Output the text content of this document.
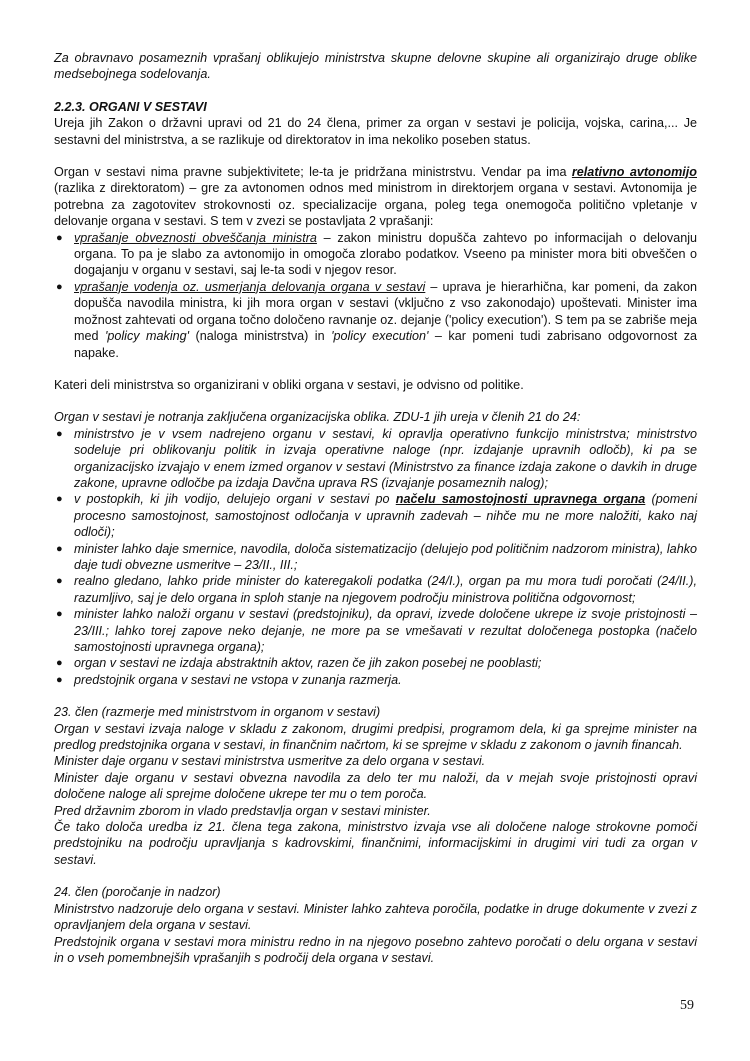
Za obravnavo posameznih vprašanj oblikujejo ministrstva skupne delovne skupine ali organizirajo druge oblike medsebojnega sodelovanja.

2.2.3. ORGANI V SESTAVI

Ureja jih Zakon o državni upravi od 21 do 24 člena, primer za organ v sestavi je policija, vojska, carina,... Je sestavni del ministrstva, a se razlikuje od direktoratov in ima nekoliko poseben status.

Organ v sestavi nima pravne subjektivitete; le-ta je pridržana ministrstvu. Vendar pa ima relativno avtonomijo (razlika z direktoratom) – gre za avtonomen odnos med ministrom in direktorjem organa v sestavi. Avtonomija je potrebna za zagotovitev strokovnosti oz. specializacije organa, poleg tega onemogoča politično vpletanje v delovanje organa v sestavi. S tem v zvezi se postavljata 2 vprašanji:

● vprašanje obveznosti obveščanja ministra – zakon ministru dopušča zahtevo po informacijah o delovanju organa. To pa je slabo za avtonomijo in omogoča zlorabo podatkov. Vseeno pa minister mora biti obveščen o dogajanju v organu v sestavi, saj le-ta sodi v njegov resor.
● vprašanje vodenja oz. usmerjanja delovanja organa v sestavi – uprava je hierarhična, kar pomeni, da zakon dopušča navodila ministra, ki jih mora organ v sestavi (vključno z vso zakonodajo) upoštevati. Minister ima možnost zahtevati od organa točno določeno ravnanje oz. dejanje ('policy execution'). S tem pa se zabriše meja med 'policy making' (naloga ministrstva) in 'policy execution' – kar pomeni tudi zabrisano odgovornost za napake.

Kateri deli ministrstva so organizirani v obliki organa v sestavi, je odvisno od politike.

Organ v sestavi je notranja zaključena organizacijska oblika. ZDU-1 jih ureja v členih 21 do 24:

● ministrstvo je v vsem nadrejeno organu v sestavi, ki opravlja operativno funkcijo ministrstva; ministrstvo sodeluje pri oblikovanju politik in izvaja operativne naloge (npr. izdajanje upravnih odločb), ki pa se organizacijsko izvajajo v enem izmed organov v sestavi (Ministrstvo za finance izdaja zakone o davkih in druge zakone, upravne odločbe pa izdaja Davčna uprava RS (izvajanje posameznih nalog);
● v postopkih, ki jih vodijo, delujejo organi v sestavi po načelu samostojnosti upravnega organa (pomeni procesno samostojnost, samostojnost odločanja v upravnih zadevah – nihče mu ne more naložiti, kako naj odloči);
● minister lahko daje smernice, navodila, določa sistematizacijo (delujejo pod političnim nadzorom ministra), lahko daje tudi obvezne usmeritve – 23/II., III.;
● realno gledano, lahko pride minister do kateregakoli podatka (24/I.), organ pa mu mora tudi poročati (24/II.), razumljivo, saj je delo organa in sploh stanje na njegovem področju ministrova politična odgovornost;
● minister lahko naloži organu v sestavi (predstojniku), da opravi, izvede določene ukrepe iz svoje pristojnosti – 23/III.; lahko torej zapove neko dejanje, ne more pa se vmešavati v rezultat določenega postopka (načelo samostojnosti upravnega organa);
● organ v sestavi ne izdaja abstraktnih aktov, razen če jih zakon posebej ne pooblasti;
● predstojnik organa v sestavi ne vstopa v zunanja razmerja.

23. člen (razmerje med ministrstvom in organom v sestavi)

Organ v sestavi izvaja naloge v skladu z zakonom, drugimi predpisi, programom dela, ki ga sprejme minister na predlog predstojnika organa v sestavi, in finančnim načrtom, ki se sprejme v skladu z zakonom o javnih financah.

Minister daje organu v sestavi ministrstva usmeritve za delo organa v sestavi.

Minister daje organu v sestavi obvezna navodila za delo ter mu naloži, da v mejah svoje pristojnosti opravi določene naloge ali sprejme določene ukrepe ter mu o tem poroča.

Pred državnim zborom in vlado predstavlja organ v sestavi minister.

Če tako določa uredba iz 21. člena tega zakona, ministrstvo izvaja vse ali določene naloge strokovne pomoči predstojniku na področju upravljanja s kadrovskimi, finančnimi, informacijskimi in drugimi viri tudi za organ v sestavi.

24. člen (poročanje in nadzor)

Ministrstvo nadzoruje delo organa v sestavi. Minister lahko zahteva poročila, podatke in druge dokumente v zvezi z opravljanjem dela organa v sestavi.

Predstojnik organa v sestavi mora ministru redno in na njegovo posebno zahtevo poročati o delu organa v sestavi in o vseh pomembnejših vprašanjih s področij dela organa v sestavi.

59
